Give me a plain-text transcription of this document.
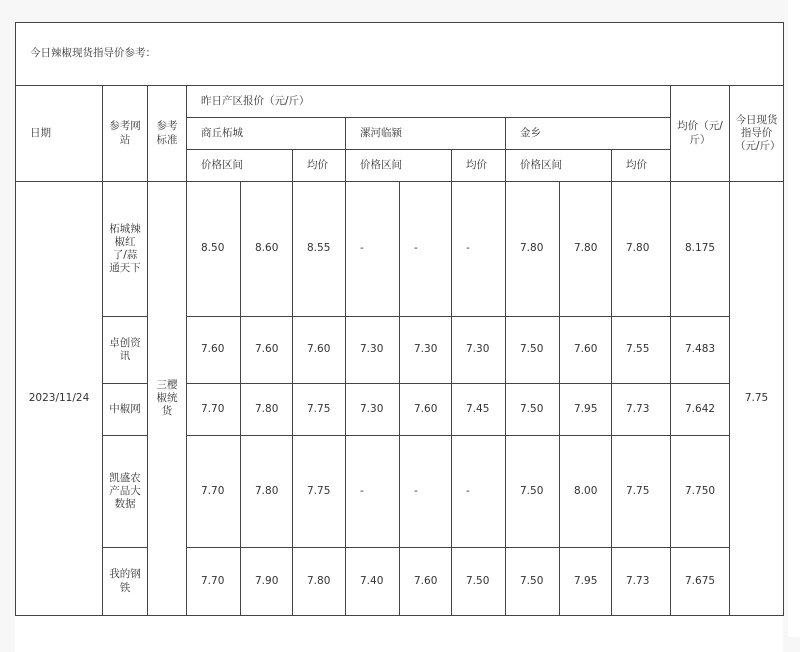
今日辣椒现货指导价参考：													
日期	参考网站	参考标准	昨日产区报价（元/斤）									均价（元/斤）	今日现货指导价（元/斤）
			商丘柘城			漯河临颍			金乡				
			价格区间		均价	价格区间		均价	价格区间		均价		
2023/11/24	柘城辣椒红了/蒜通天下	三樱椒统货	8.50	8.60	8.55	-	-	-	7.80	7.80	7.80	8.175	7.75
	卓创资讯		7.60	7.60	7.60	7.30	7.30	7.30	7.50	7.60	7.55	7.483	
	中椒网		7.70	7.80	7.75	7.30	7.60	7.45	7.50	7.95	7.73	7.642	
	凯盛农产品大数据		7.70	7.80	7.75	-	-	-	7.50	8.00	7.75	7.750	
	我的钢铁		7.70	7.90	7.80	7.40	7.60	7.50	7.50	7.95	7.73	7.675	
